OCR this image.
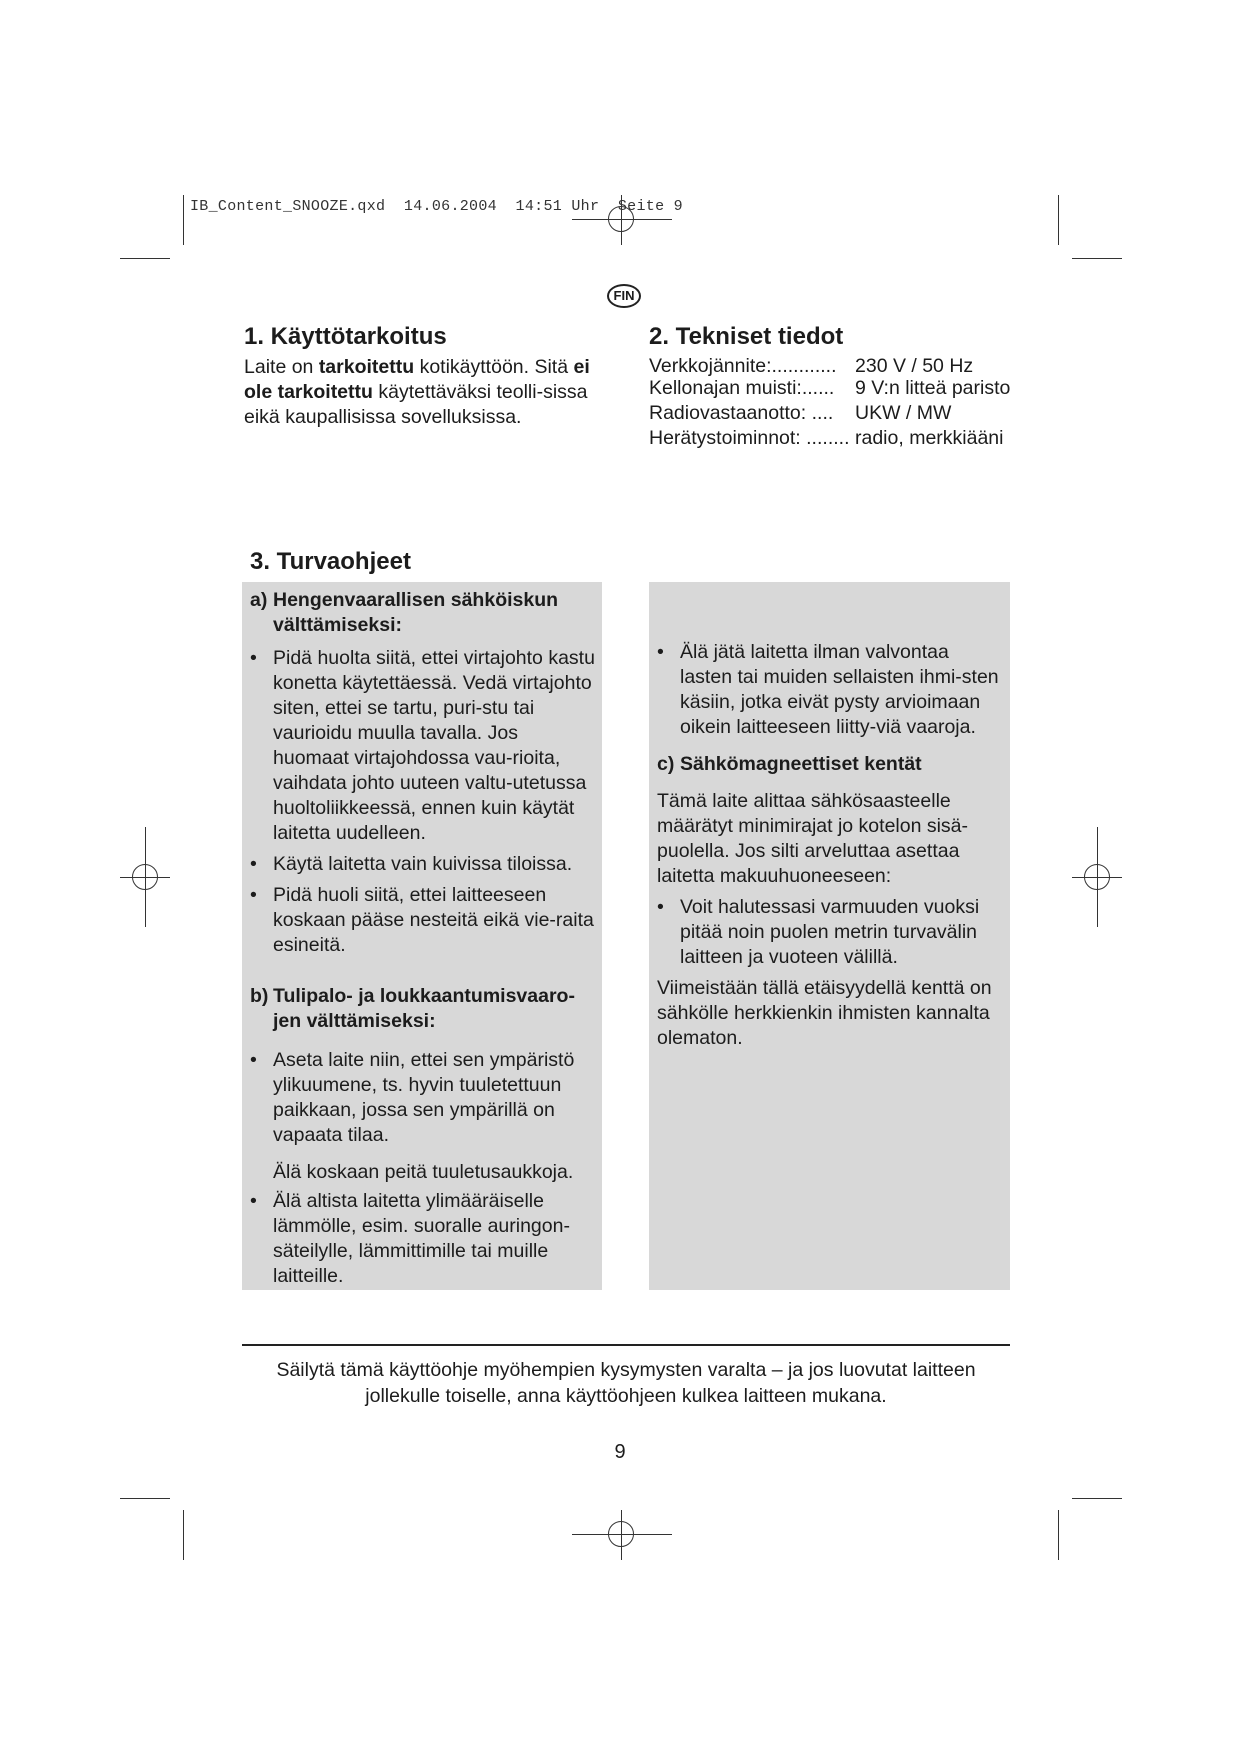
IB_Content_SNOOZE.qxd  14.06.2004  14:51 Uhr  Seite 9
FIN
1. Käyttötarkoitus
Laite on tarkoitettu kotikäyttöön. Sitä ei ole tarkoitettu käytettäväksi teolli-sissa eikä kaupallisissa sovelluksissa.
2. Tekniset tiedot
Verkkojännite:............ 230 V / 50 Hz
Kellonajan muisti:......	9 V:n litteä paristo
Radiovastaanotto: ....	UKW / MW
Herätystoiminnot: ........ radio, merkkiääni
3. Turvaohjeet
a) Hengenvaarallisen sähköiskun välttämiseksi:
• Pidä huolta siitä, ettei virtajohto kastu konetta käytettäessä. Vedä virtajohto siten, ettei se tartu, puri-stu tai vaurioidu muulla tavalla. Jos huomaat virtajohdossa vau-rioita, vaihdata johto uuteen valtu-utetussa huoltoliikkeessä, ennen kuin käytät laitetta uudelleen.
• Käytä laitetta vain kuivissa tiloissa.
• Pidä huoli siitä, ettei laitteeseen koskaan pääse nesteitä eikä vie-raita esineitä.
b) Tulipalo- ja loukkaantumisvaaro-jen välttämiseksi:
• Aseta laite niin, ettei sen ympäristö ylikuumene, ts. hyvin tuuletettuun paikkaan, jossa sen ympärillä on vapaata tilaa.
Älä koskaan peitä tuuletusaukkoja.
• Älä altista laitetta ylimääräiselle lämmölle, esim. suoralle auringon-säteilylle, lämmittimille tai muille laitteille.
• Älä jätä laitetta ilman valvontaa lasten tai muiden sellaisten ihmi-sten käsiin, jotka eivät pysty arvioimaan oikein laitteeseen liitty-viä vaaroja.
c) Sähkömagneettiset kentät
Tämä laite alittaa sähkösaasteelle määrätyt minimirajat jo kotelon sisä-puolella. Jos silti arveluttaa asettaa laitetta makuuhuoneeseen:
• Voit halutessasi varmuuden vuoksi pitää noin puolen metrin turvavälin laitteen ja vuoteen välillä.
Viimeistään tällä etäisyydellä kenttä on sähkölle herkkienkin ihmisten kannalta olematon.
Säilytä tämä käyttöohje myöhempien kysymysten varalta – ja jos luovutat laitteen
jollekulle toiselle, anna käyttöohjeen kulkea laitteen mukana.
9
